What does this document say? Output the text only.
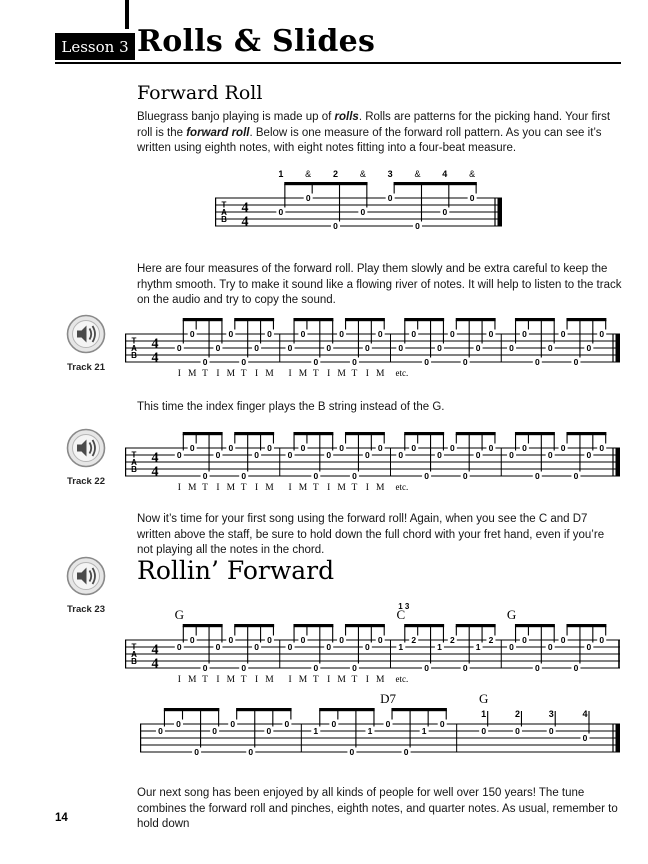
Lesson 3 Rolls & Slides
Forward Roll

Bluegrass banjo playing is made up of rolls. Rolls are patterns for the picking hand. Your first roll is the forward roll. Below is one measure of the forward roll pattern. As you can see it’s written using eighth notes, with eight notes fitting into a four-beat measure.

T
A
B
4
4
0
0
0
0
0
0
0
0
1 & 2 & 3 & 4 &

Here are four measures of the forward roll. Play them slowly and be extra careful to keep the rhythm smooth. Try to make it sound like a flowing river of notes. It will help to listen to the track on the audio and try to copy the sound.

Track 21
T
A
B
4
4
0
0
0
0
0
0
0
0
I M T I M T I M
0
0
0
0
0
0
0
0
I M T I M T I M etc.
0
0
0
0
0
0
0
0
0
0
0
0
0
0
0
0

This time the index finger plays the B string instead of the G.

Track 22
T
A
B
4
4
0
0
0
0
0
0
0
0
I M T I M T I M
0
0
0
0
0
0
0
0
I M T I M T I M etc.
0
0
0
0
0
0
0
0
0
0
0
0
0
0
0
0

Now it’s time for your first song using the forward roll! Again, when you see the C and D7 written above the staff, be sure to hold down the full chord with your fret hand, even if you’re not playing all the notes in the chord.

Track 23
Rollin’ Forward
T
A
B
4
4
0
0
0
0
0
0
0
0
I M T I M T I M
G
0
0
0
0
0
0
0
0
I M T I M T I M etc.
1
2
0
1
2
0
1
2
C
1 3
0
0
0
0
0
0
0
0
G
0
0
0
0
0
0
0
0
1
0
0
1
0
0
1
0
D7
0	0	0
0
G
1	2	3	4

Our next song has been enjoyed by all kinds of people for well over 150 years! The tune combines the forward roll and pinches, eighth notes, and quarter notes. As usual, remember to hold down

14
